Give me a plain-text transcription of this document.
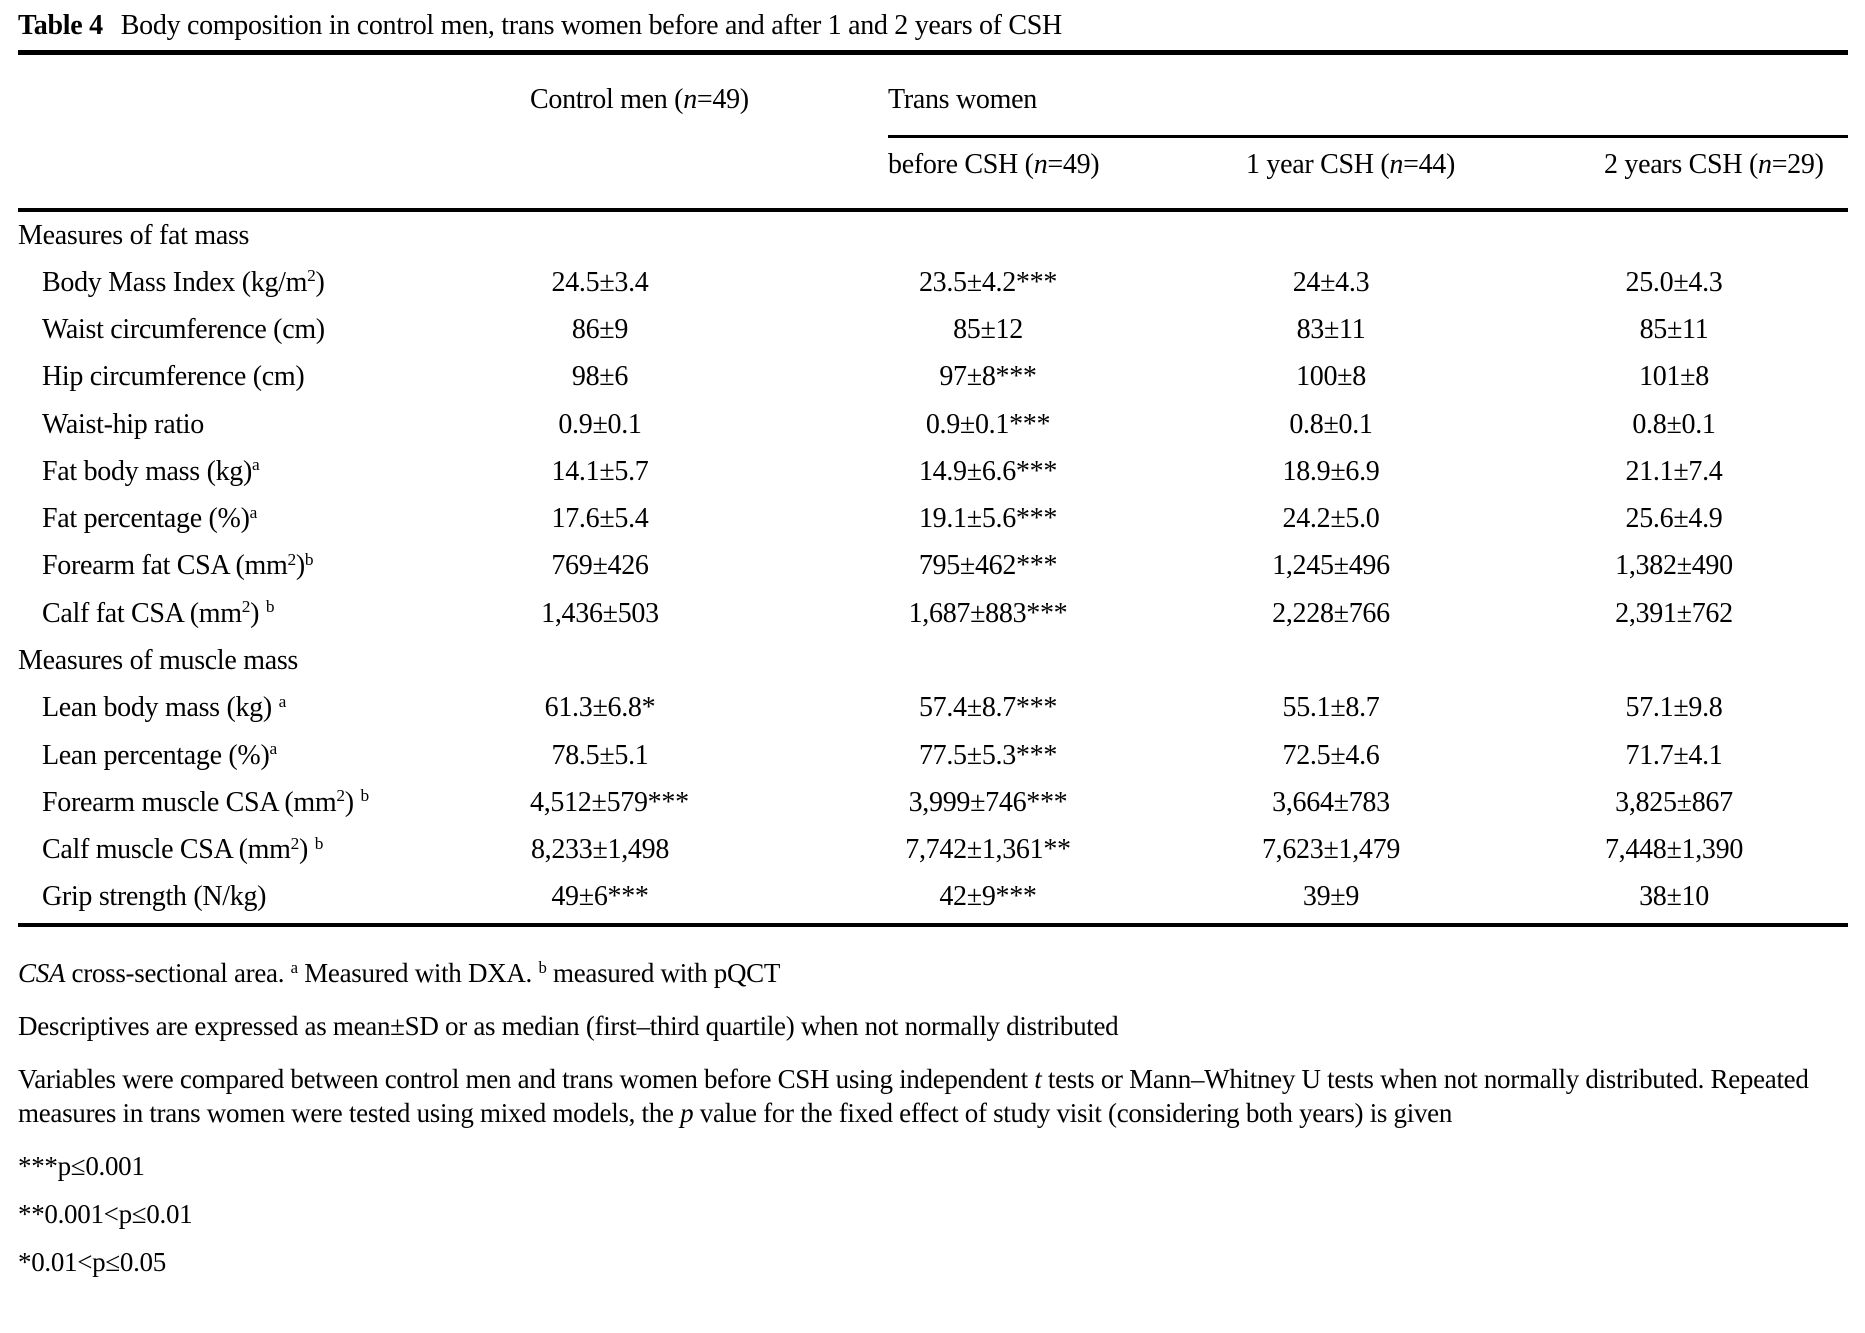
Table 4 Body composition in control men, trans women before and after 1 and 2 years of CSH
Control men (n=49)	Trans women
before CSH (n=49)	1 year CSH (n=44)	2 years CSH (n=29)
Measures of fat mass
Body Mass Index $(kg/m^2)$	24.5±3.4	23.5±4.2***	24±4.3	25.0±4.3
Waist circumference (cm)	86±9	85±12	83±11	85±11
Hip circumference (cm)	98±6	97±8***	100±8	101±8
Waist-hip ratio	0.9±0.1	0.9±0.1***	0.8±0.1	0.8±0.1
Fat body mass (kg)$^a$	14.1±5.7	14.9±6.6***	18.9±6.9	21.1±7.4
Fat percentage (%)$^a$	17.6±5.4	19.1±5.6***	24.2±5.0	25.6±4.9
Forearm fat CSA $(mm^2)^b$	769±426	795±462***	1,245±496	1,382±490
Calf fat CSA $(mm^2)$ $^b$	1,436±503	1,687±883***	2,228±766	2,391±762
Measures of muscle mass
Lean body mass (kg) $^a$	61.3±6.8*	57.4±8.7***	55.1±8.7	57.1±9.8
Lean percentage (%)$^a$	78.5±5.1	77.5±5.3***	72.5±4.6	71.7±4.1
Forearm muscle CSA $(mm^2)$ $^b$	4,512±579***	3,999±746***	3,664±783	3,825±867
Calf muscle CSA $(mm^2)$ $^b$	8,233±1,498	7,742±1,361**	7,623±1,479	7,448±1,390
Grip strength (N/kg)	49±6***	42±9***	39±9	38±10
CSA cross-sectional area. $^a$ Measured with DXA. $^b$ measured with pQCT
Descriptives are expressed as mean±SD or as median (first–third quartile) when not normally distributed
Variables were compared between control men and trans women before CSH using independent t tests or Mann–Whitney U tests when not normally distributed. Repeated measures in trans women were tested using mixed models, the p value for the fixed effect of study visit (considering both years) is given
***p≤0.001
**0.001<p≤0.01
*0.01<p≤0.05
